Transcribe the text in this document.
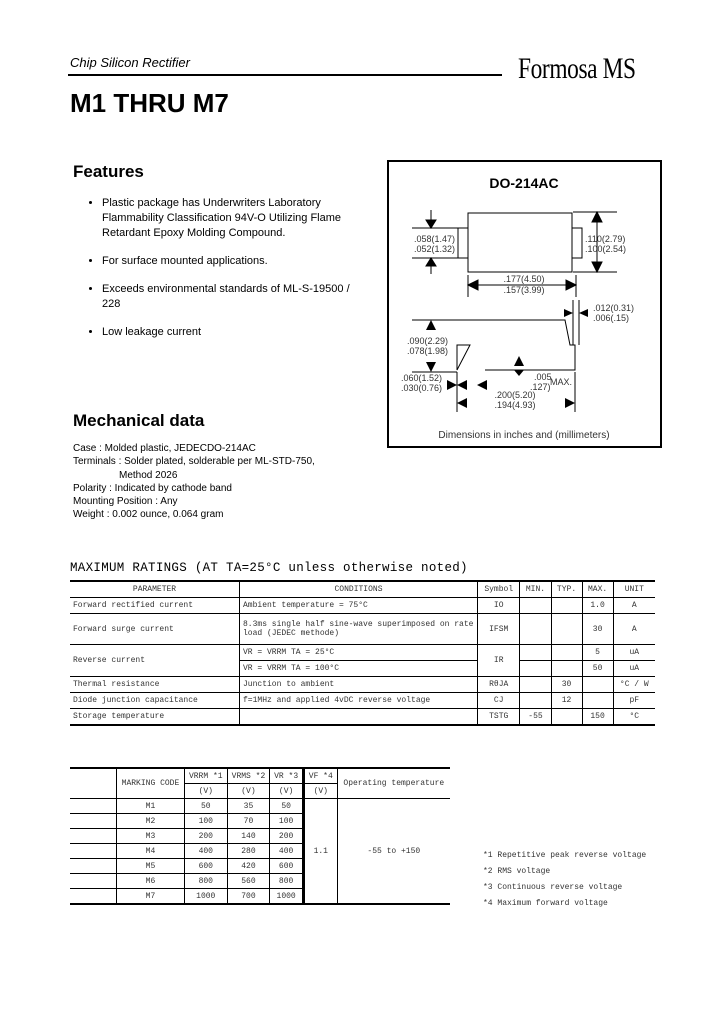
Chip Silicon Rectifier	Formosa MS
M1 THRU M7
Features
• Plastic package has Underwriters Laboratory Flammability Classification 94V-O Utilizing Flame Retardant Epoxy Molding Compound.
• For surface mounted applications.
• Exceeds environmental standards of ML-S-19500 / 228
• Low leakage current
DO-214AC
.058(1.47)
.052(1.32)
.110(2.79)
.100(2.54)
.177(4.50)
.157(3.99)
.090(2.29)
.078(1.98)
.012(0.31)
.006(.15)
.005
.127) MAX.
.060(1.52)
.030(0.76)
.200(5.20)
.194(4.93)
Dimensions in inches and (millimeters)
Mechanical data
Case : Molded plastic, JEDECDO-214AC
Terminals : Solder plated, solderable per ML-STD-750,
Method 2026
Polarity : Indicated by cathode band
Mounting Position : Any
Weight : 0.002 ounce, 0.064 gram
MAXIMUM RATINGS (AT TA=25°C unless otherwise noted)
PARAMETER	CONDITIONS	Symbol	MIN.	TYP.	MAX.	UNIT
Forward rectified current	Ambient temperature = 75°C	IO			1.0	A
Forward surge current	8.3ms single half sine-wave superimposed on rate load (JEDEC methode)	IFSM			30	A
Reverse current	VR = VRRM TA = 25°C	IR			5	uA
	VR = VRRM TA = 100°C				50	uA
Thermal resistance	Junction to ambient	RθJA		30		°C / W
Diode junction capacitance	f=1MHz and applied 4vDC reverse voltage	CJ		12		pF
Storage temperature		TSTG	-55		150	°C
	MARKING CODE	VRRM *1	VRMS *2	VR *3	VF *4	Operating temperature
		(V)	(V)	(V)	(V)	
	M1	50	35	50	1.1	-55 to +150
	M2	100	70	100		
	M3	200	140	200		
	M4	400	280	400		
	M5	600	420	600		
	M6	800	560	800		
	M7	1000	700	1000		
*1 Repetitive peak reverse voltage
*2 RMS voltage
*3 Continuous reverse voltage
*4 Maximum forward voltage
